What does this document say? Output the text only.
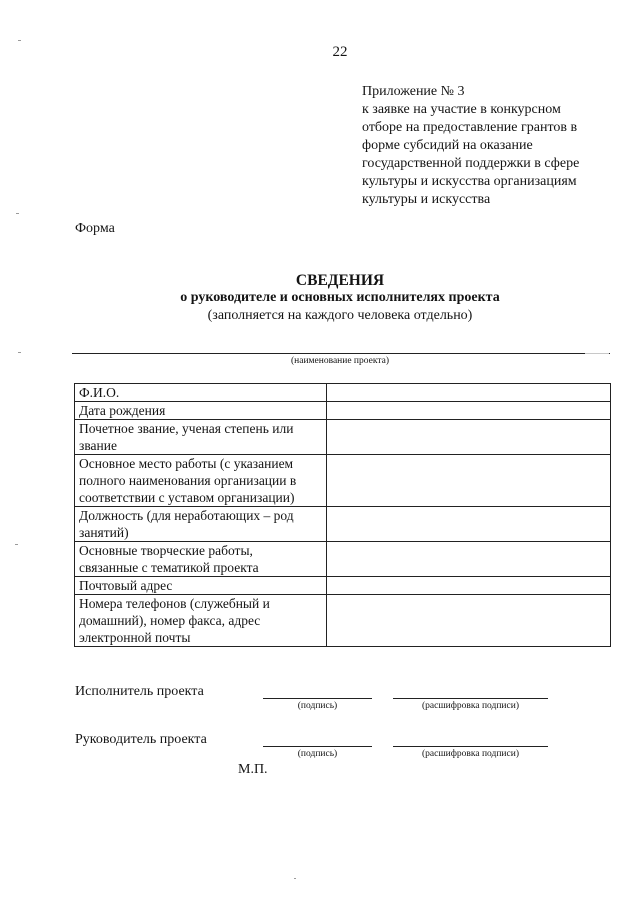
22
Приложение № 3
к заявке на участие в конкурсном
отборе на предоставление грантов в
форме субсидий на оказание
государственной поддержки в сфере
культуры и искусства организациям
культуры и искусства
Форма
СВЕДЕНИЯ
о руководителе и основных исполнителях проекта
(заполняется на каждого человека отдельно)
(наименование проекта)
Ф.И.О.	

Дата рождения	

Почетное звание, ученая степень или
звание	

Основное место работы (с указанием
полного наименования организации в
соответствии с уставом организации)	

Должность (для неработающих – род
занятий)	

Основные творческие работы,
связанные с тематикой проекта	

Почтовый адрес	

Номера телефонов (служебный и
домашний), номер факса, адрес
электронной почты	

Исполнитель проекта
(подпись)	(расшифровка подписи)
Руководитель проекта
(подпись)	(расшифровка подписи)
М.П.
